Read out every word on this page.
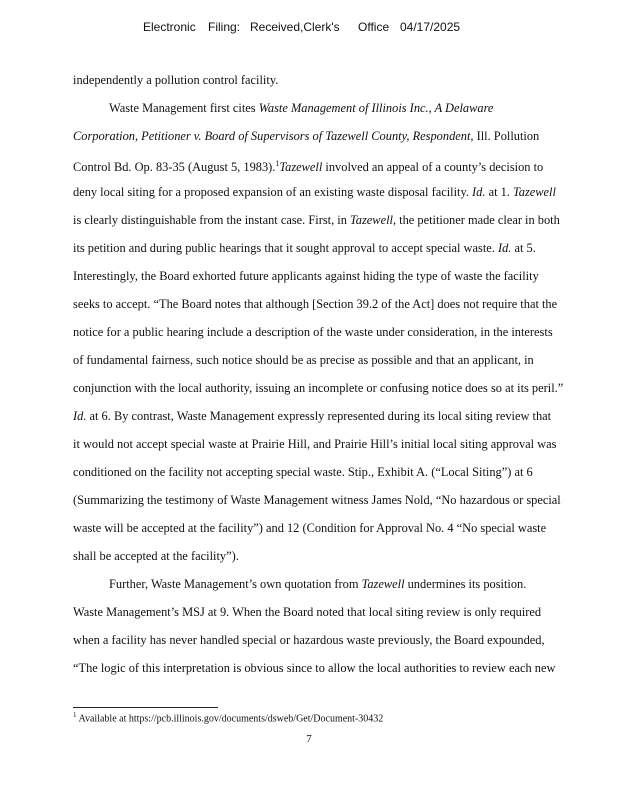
Electronic Filing: Received,Clerk's Office 04/17/2025
independently a pollution control facility.
Waste Management first cites Waste Management of Illinois Inc., A Delaware
Corporation, Petitioner v. Board of Supervisors of Tazewell County, Respondent, Ill. Pollution
Control Bd. Op. 83-35 (August 5, 1983).$^1$Tazewell involved an appeal of a county’s decision to
deny local siting for a proposed expansion of an existing waste disposal facility. Id. at 1. Tazewell
is clearly distinguishable from the instant case. First, in Tazewell, the petitioner made clear in both
its petition and during public hearings that it sought approval to accept special waste. Id. at 5.
Interestingly, the Board exhorted future applicants against hiding the type of waste the facility
seeks to accept. “The Board notes that although [Section 39.2 of the Act] does not require that the
notice for a public hearing include a description of the waste under consideration, in the interests
of fundamental fairness, such notice should be as precise as possible and that an applicant, in
conjunction with the local authority, issuing an incomplete or confusing notice does so at its peril.”
Id. at 6. By contrast, Waste Management expressly represented during its local siting review that
it would not accept special waste at Prairie Hill, and Prairie Hill’s initial local siting approval was
conditioned on the facility not accepting special waste. Stip., Exhibit A. (“Local Siting”) at 6
(Summarizing the testimony of Waste Management witness James Nold, “No hazardous or special
waste will be accepted at the facility”) and 12 (Condition for Approval No. 4 “No special waste
shall be accepted at the facility”).
Further, Waste Management’s own quotation from Tazewell undermines its position.
Waste Management’s MSJ at 9. When the Board noted that local siting review is only required
when a facility has never handled special or hazardous waste previously, the Board expounded,
“The logic of this interpretation is obvious since to allow the local authorities to review each new
$^1$ Available at https://pcb.illinois.gov/documents/dsweb/Get/Document-30432
7
